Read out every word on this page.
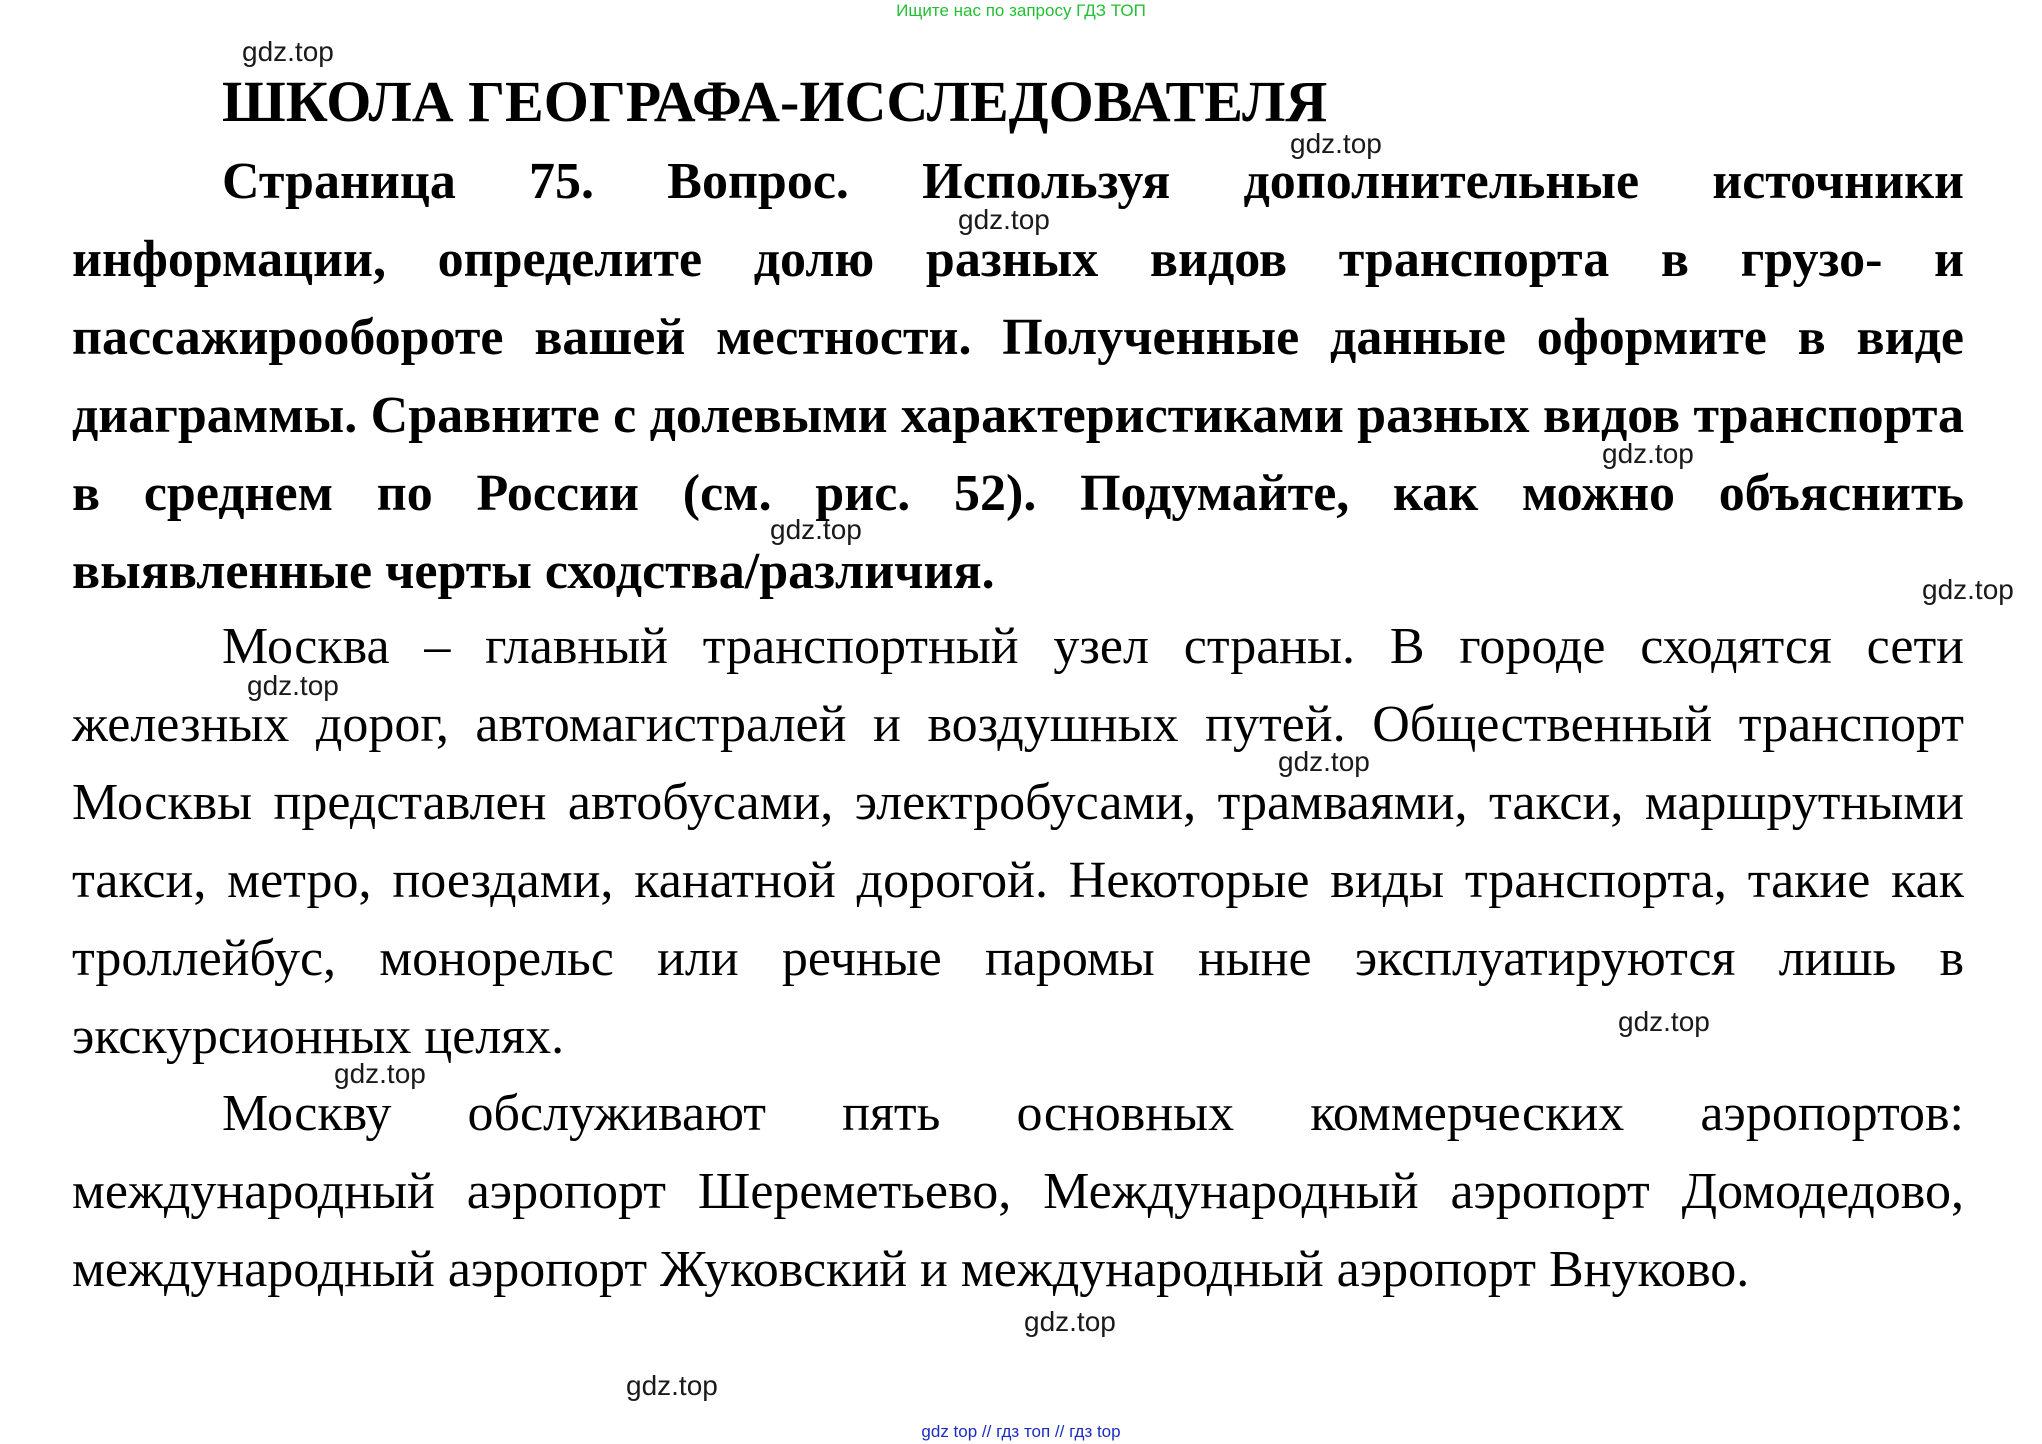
Ищите нас по запросу ГДЗ ТОП
ШКОЛА ГЕОГРАФА-ИССЛЕДОВАТЕЛЯ

Страница 75. Вопрос. Используя дополнительные источники информации, определите долю разных видов транспорта в грузо- и пассажирообороте вашей местности. Полученные данные оформите в виде диаграммы. Сравните с долевыми характеристиками разных видов транспорта в среднем по России (см. рис. 52). Подумайте, как можно объяснить выявленные черты сходства/различия.

Москва – главный транспортный узел страны. В городе сходятся сети железных дорог, автомагистралей и воздушных путей. Общественный транспорт Москвы представлен автобусами, электробусами, трамваями, такси, маршрутными такси, метро, поездами, канатной дорогой. Некоторые виды транспорта, такие как троллейбус, монорельс или речные паромы ныне эксплуатируются лишь в экскурсионных целях.

Москву обслуживают пять основных коммерческих аэропортов: международный аэропорт Шереметьево, Международный аэропорт Домодедово, международный аэропорт Жуковский и международный аэропорт Внуково.

gdz.top
gdz.top
gdz.top
gdz.top
gdz.top
gdz.top
gdz.top
gdz.top
gdz.top
gdz.top
gdz.top
gdz.top
gdz top // гдз топ // гдз top
